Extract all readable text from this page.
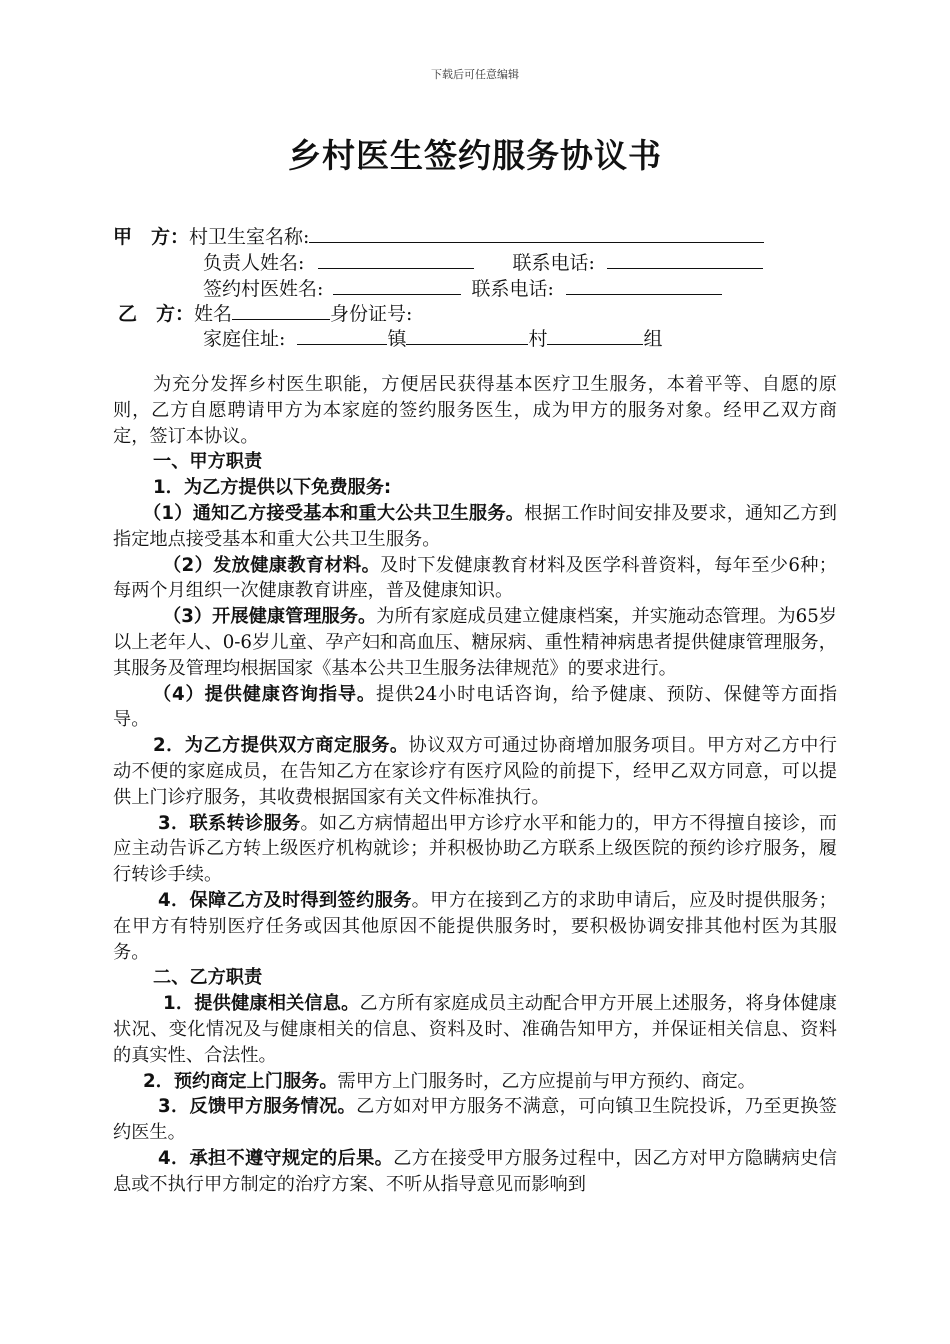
下载后可任意编辑
乡村医生签约服务协议书
甲　方：村卫生室名称:
负责人姓名:	联系电话:
签约村医姓名:	联系电话:
乙　方：姓名	身份证号:
家庭住址:	镇	村	组

为充分发挥乡村医生职能，方便居民获得基本医疗卫生服务，本着平等、自愿的原则，乙方自愿聘请甲方为本家庭的签约服务医生，成为甲方的服务对象。经甲乙双方商定，签订本协议。

一、甲方职责

1．为乙方提供以下免费服务:

（1）通知乙方接受基本和重大公共卫生服务。根据工作时间安排及要求，通知乙方到指定地点接受基本和重大公共卫生服务。

（2）发放健康教育材料。及时下发健康教育材料及医学科普资料，每年至少6种；每两个月组织一次健康教育讲座，普及健康知识。

（3）开展健康管理服务。为所有家庭成员建立健康档案，并实施动态管理。为65岁以上老年人、0-6岁儿童、孕产妇和高血压、糖尿病、重性精神病患者提供健康管理服务，其服务及管理均根据国家《基本公共卫生服务法律规范》的要求进行。

（4）提供健康咨询指导。提供24小时电话咨询，给予健康、预防、保健等方面指导。

2．为乙方提供双方商定服务。协议双方可通过协商增加服务项目。甲方对乙方中行动不便的家庭成员，在告知乙方在家诊疗有医疗风险的前提下，经甲乙双方同意，可以提供上门诊疗服务，其收费根据国家有关文件标准执行。

3．联系转诊服务。如乙方病情超出甲方诊疗水平和能力的，甲方不得擅自接诊，而应主动告诉乙方转上级医疗机构就诊；并积极协助乙方联系上级医院的预约诊疗服务，履行转诊手续。

4．保障乙方及时得到签约服务。甲方在接到乙方的求助申请后，应及时提供服务；在甲方有特别医疗任务或因其他原因不能提供服务时，要积极协调安排其他村医为其服务。

二、乙方职责

1．提供健康相关信息。乙方所有家庭成员主动配合甲方开展上述服务，将身体健康状况、变化情况及与健康相关的信息、资料及时、准确告知甲方，并保证相关信息、资料的真实性、合法性。

2．预约商定上门服务。需甲方上门服务时，乙方应提前与甲方预约、商定。

3．反馈甲方服务情况。乙方如对甲方服务不满意，可向镇卫生院投诉，乃至更换签约医生。

4．承担不遵守规定的后果。乙方在接受甲方服务过程中，因乙方对甲方隐瞒病史信息或不执行甲方制定的治疗方案、不听从指导意见而影响到
